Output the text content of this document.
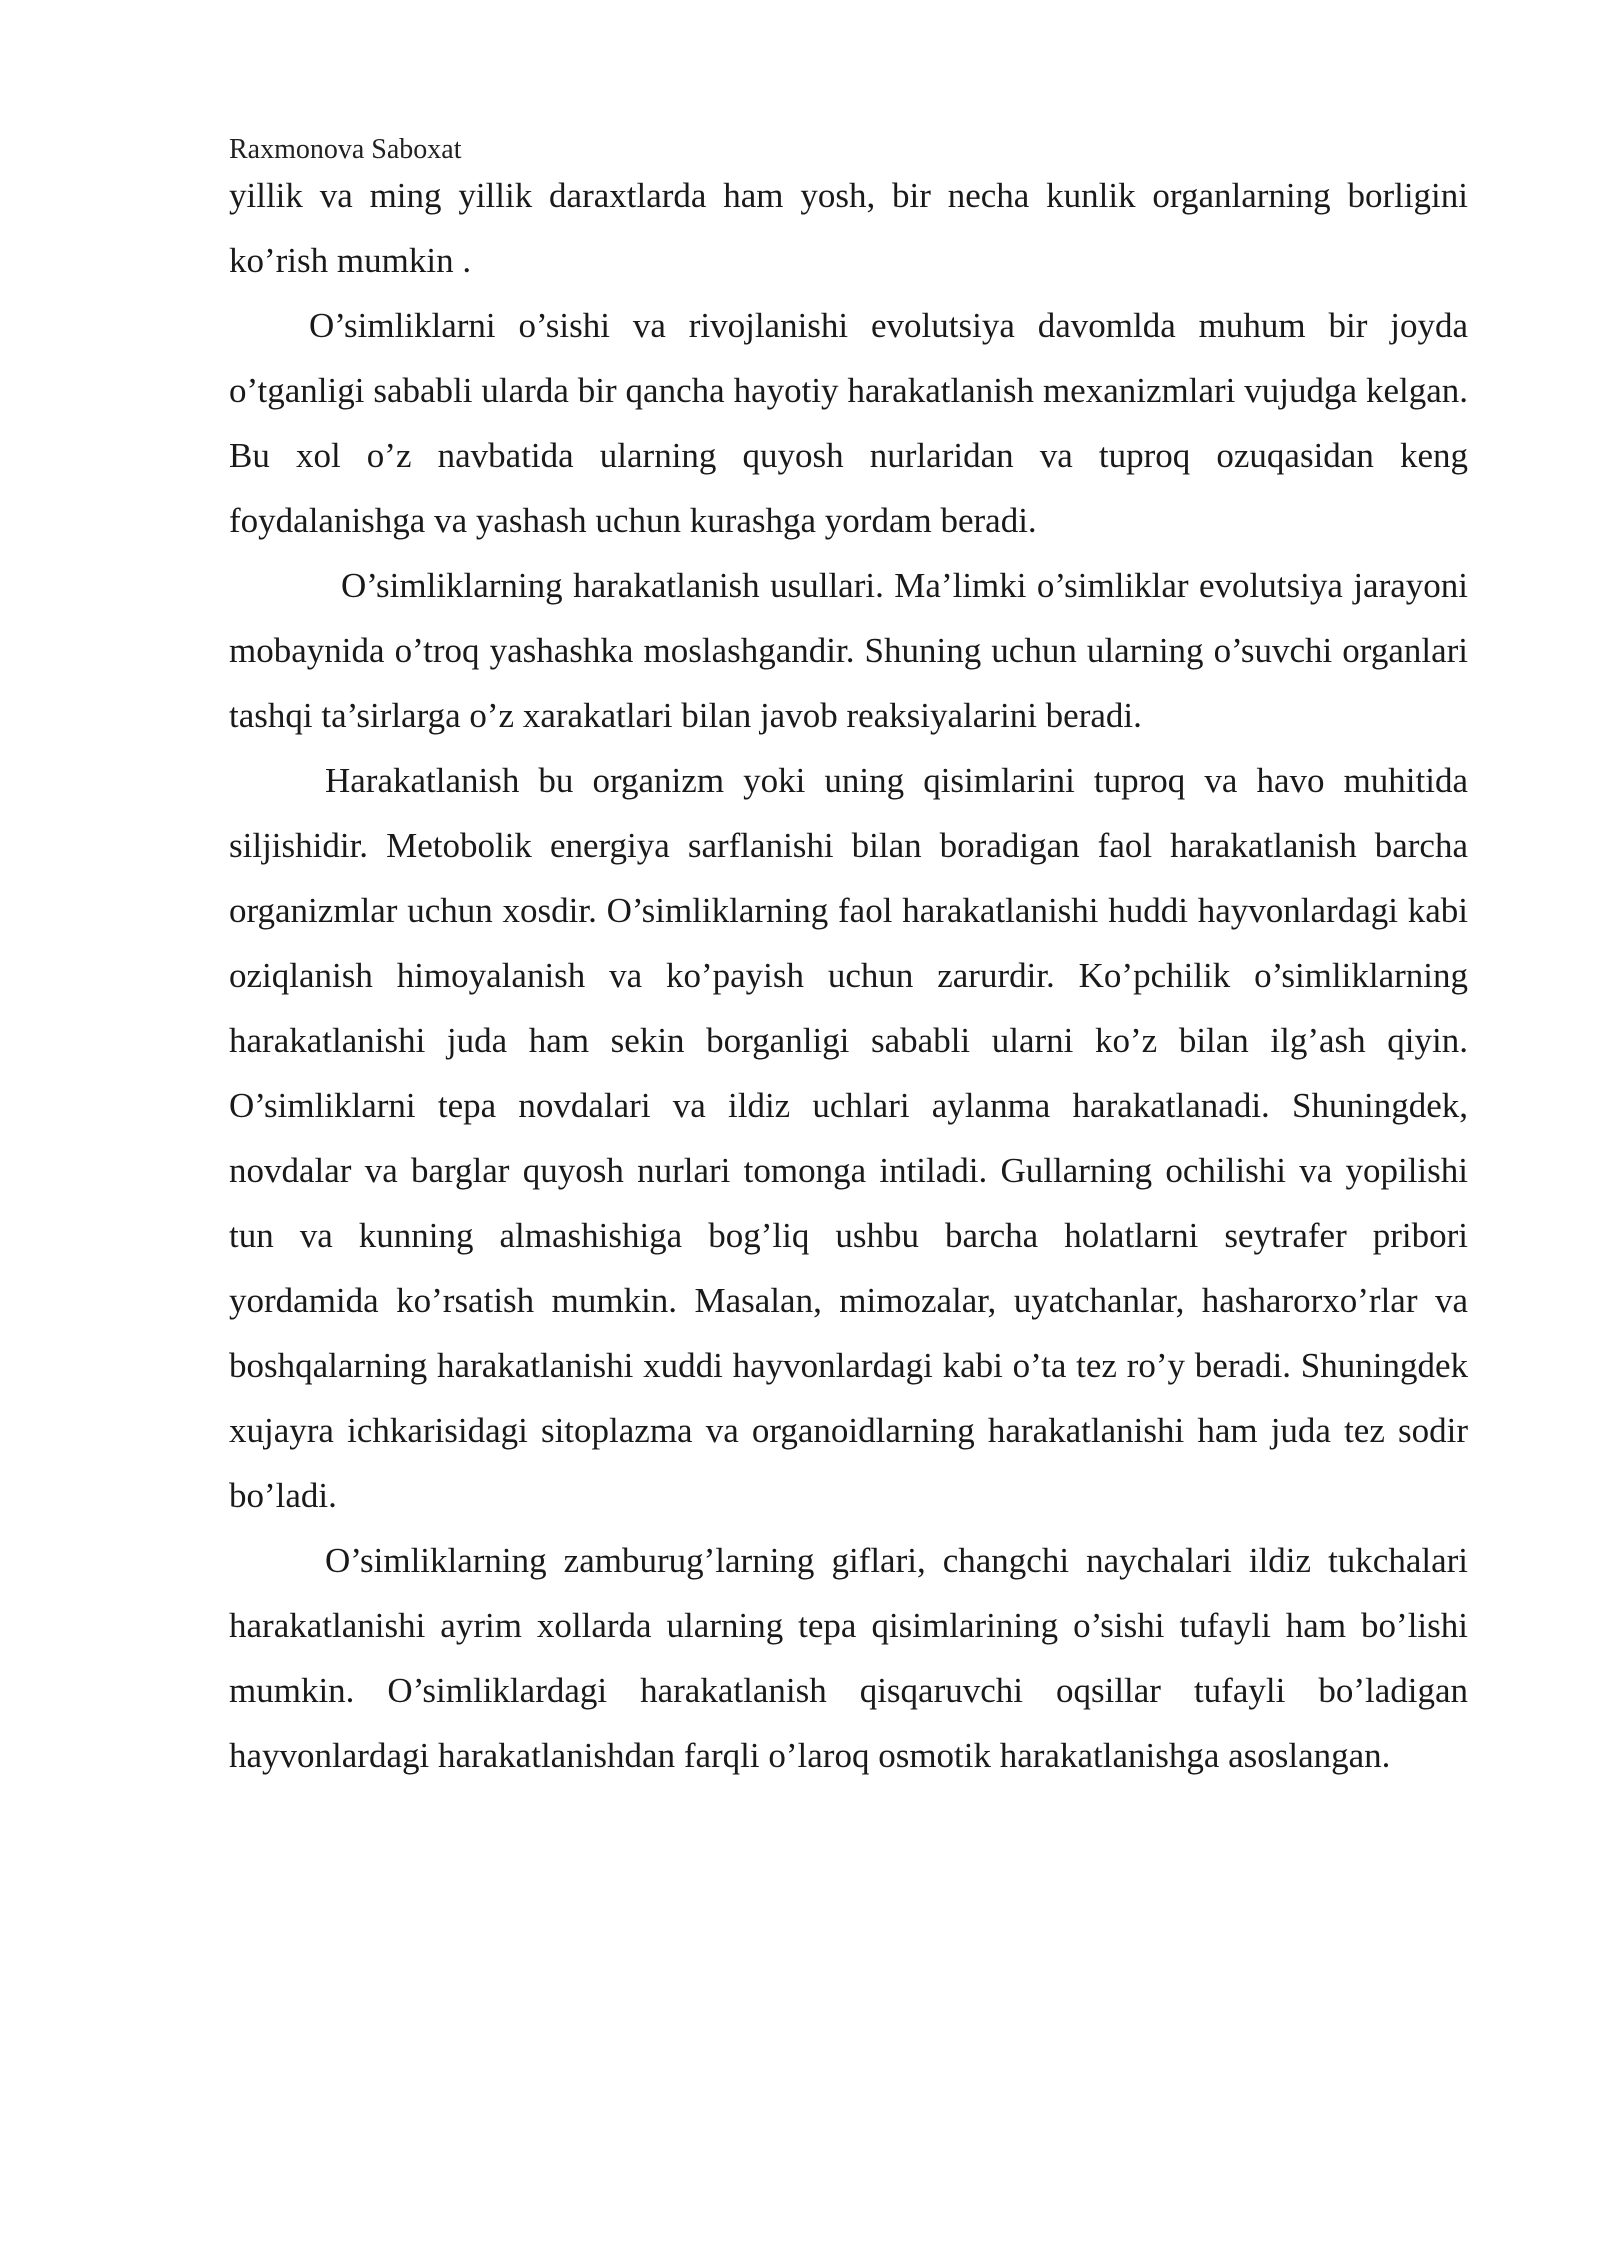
Raxmonova Saboxat

yillik va ming yillik daraxtlarda ham yosh, bir necha kunlik organlarning borligini ko’rish mumkin .

O’simliklarni o’sishi va rivojlanishi evolutsiya davomlda muhum bir joyda o’tganligi sababli ularda bir qancha hayotiy harakatlanish mexanizmlari vujudga kelgan. Bu xol o’z navbatida ularning quyosh nurlaridan va tuproq ozuqasidan keng foydalanishga va yashash uchun kurashga yordam beradi.

O’simliklarning harakatlanish usullari. Ma’limki o’simliklar evolutsiya jarayoni mobaynida o’troq yashashka moslashgandir. Shuning uchun ularning o’suvchi organlari tashqi ta’sirlarga o’z xarakatlari bilan javob reaksiyalarini beradi.

Harakatlanish bu organizm yoki uning qisimlarini tuproq va havo muhitida siljishidir. Metobolik energiya sarflanishi bilan boradigan faol harakatlanish barcha organizmlar uchun xosdir. O’simliklarning faol harakatlanishi huddi hayvonlardagi kabi oziqlanish himoyalanish va ko’payish uchun zarurdir. Ko’pchilik o’simliklarning harakatlanishi juda ham sekin borganligi sababli ularni ko’z bilan ilg’ash qiyin. O’simliklarni tepa novdalari va ildiz uchlari aylanma harakatlanadi. Shuningdek, novdalar va barglar quyosh nurlari tomonga intiladi. Gullarning ochilishi va yopilishi tun va kunning almashishiga bog’liq ushbu barcha holatlarni seytrafer pribori yordamida ko’rsatish mumkin. Masalan, mimozalar, uyatchanlar, hasharorxo’rlar va boshqalarning harakatlanishi xuddi hayvonlardagi kabi o’ta tez ro’y beradi. Shuningdek xujayra ichkarisidagi sitoplazma va organoidlarning harakatlanishi ham juda tez sodir bo’ladi.

O’simliklarning zamburug’larning giflari, changchi naychalari ildiz tukchalari harakatlanishi ayrim xollarda ularning tepa qisimlarining o’sishi tufayli ham bo’lishi mumkin. O’simliklardagi harakatlanish qisqaruvchi oqsillar tufayli bo’ladigan hayvonlardagi harakatlanishdan farqli o’laroq osmotik harakatlanishga asoslangan.
